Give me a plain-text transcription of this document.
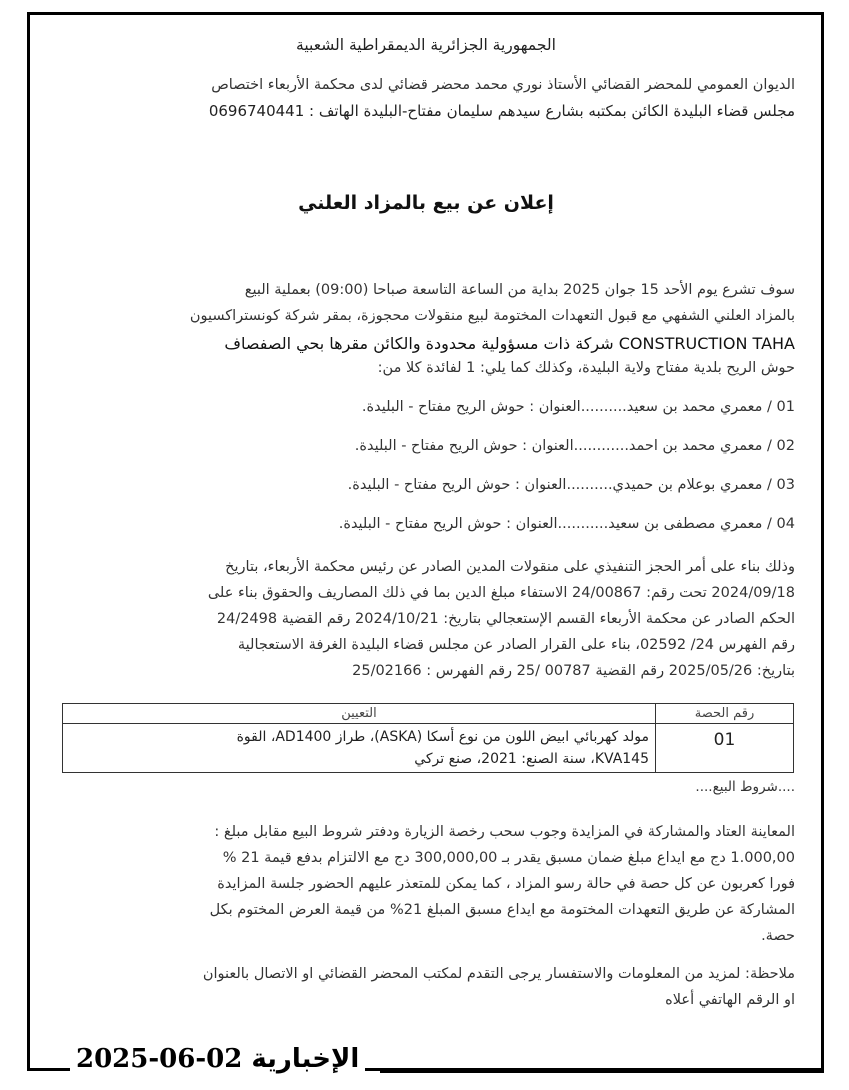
الجمهورية الجزائرية الديمقراطية الشعبية
الديوان العمومي للمحضر القضائي الأستاذ نوري محمد محضر قضائي لدى محكمة الأربعاء اختصاص
مجلس قضاء البليدة الكائن بمكتبه بشارع سيدهم سليمان مفتاح-البليدة الهاتف : 0696740441
إعلان عن بيع بالمزاد العلني
سوف تشرع يوم الأحد 15 جوان 2025 بداية من الساعة التاسعة صباحا (09:00) بعملية البيع
بالمزاد العلني الشفهي مع قبول التعهدات المختومة لبيع منقولات محجوزة، بمقر شركة كونستراكسيون
CONSTRUCTION TAHA شركة ذات مسؤولية محدودة والكائن مقرها بحي الصفصاف
حوش الريح بلدية مفتاح ولاية البليدة، وكذلك كما يلي: 1 لفائدة كلا من:
01 / معمري محمد بن سعيد..........العنوان : حوش الريح مفتاح - البليدة.
02 / معمري محمد بن احمد............العنوان : حوش الريح مفتاح - البليدة.
03 / معمري بوعلام بن حميدي..........العنوان : حوش الريح مفتاح - البليدة.
04 / معمري مصطفى بن سعيد...........العنوان : حوش الريح مفتاح - البليدة.
وذلك بناء على أمر الحجز التنفيذي على منقولات المدين الصادر عن رئيس محكمة الأربعاء، بتاريخ
2024/09/18 تحت رقم: 24/00867 الاستفاء مبلغ الدين بما في ذلك المصاريف والحقوق بناء على
الحكم الصادر عن محكمة الأربعاء القسم الإستعجالي بتاريخ: 2024/10/21 رقم القضية 24/2498
رقم الفهرس 24/ 02592، بناء على القرار الصادر عن مجلس قضاء البليدة الغرفة الاستعجالية
بتاريخ: 2025/05/26 رقم القضية 00787 /25 رقم الفهرس : 25/02166
رقم الحصة	التعيين
01	مولد كهربائي ابيض اللون من نوع أسكا (ASKA)، طراز AD1400، القوة
KVA145، سنة الصنع: 2021، صنع تركي
....شروط البيع....
المعاينة العتاد والمشاركة في المزايدة وجوب سحب رخصة الزيارة ودفتر شروط البيع مقابل مبلغ :
1.000,00 دج مع ايداع مبلغ ضمان مسبق يقدر بـ 300,000,00 دج مع الالتزام بدفع قيمة 21 %
فورا كعربون عن كل حصة في حالة رسو المزاد ، كما يمكن للمتعذر عليهم الحضور جلسة المزايدة
المشاركة عن طريق التعهدات المختومة مع ايداع مسبق المبلغ 21% من قيمة العرض المختوم بكل
حصة.
ملاحظة: لمزيد من المعلومات والاستفسار يرجى التقدم لمكتب المحضر القضائي او الاتصال بالعنوان
او الرقم الهاتفي أعلاه
2025-06-02 الإخبارية
